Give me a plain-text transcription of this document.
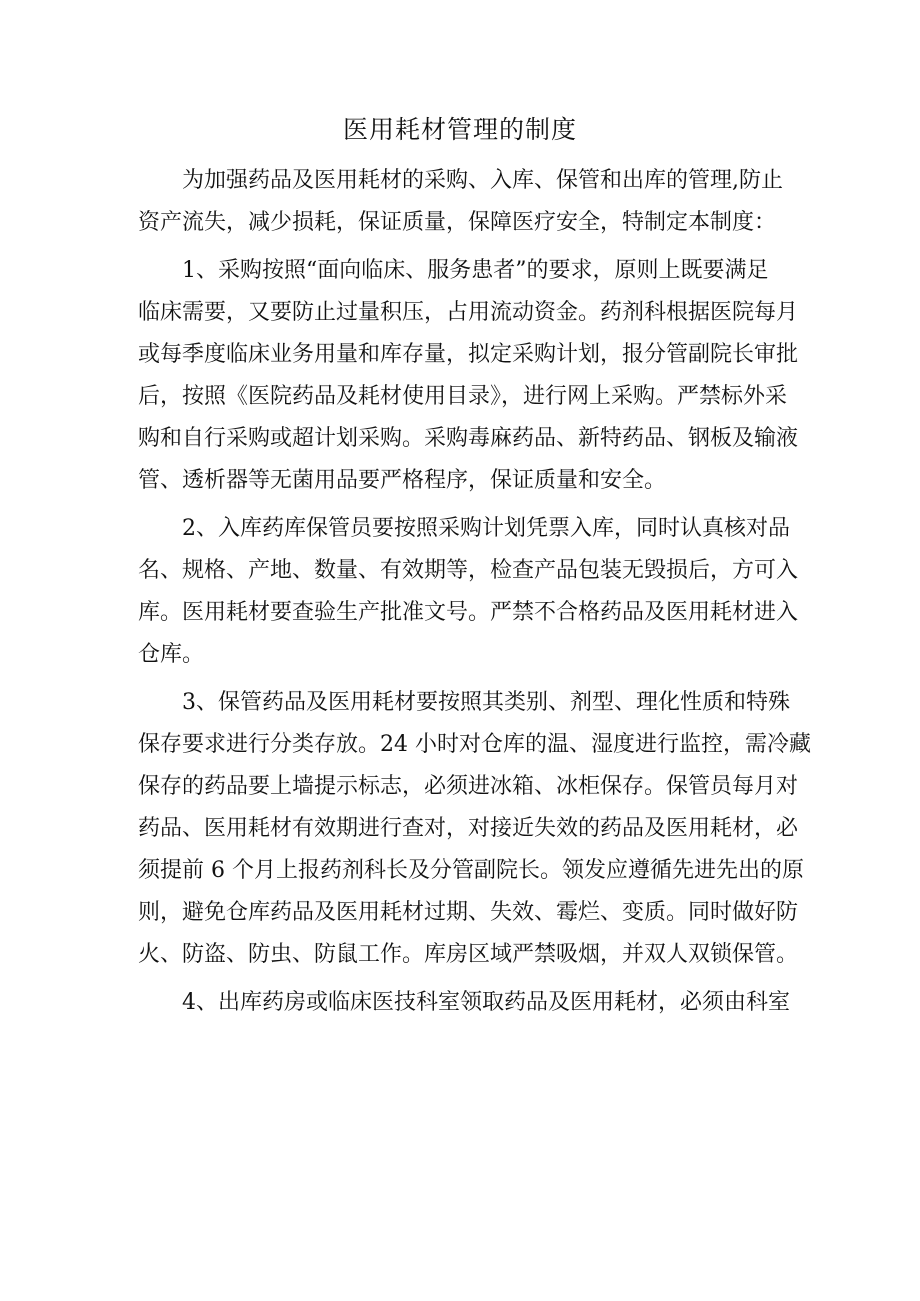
医用耗材管理的制度
为加强药品及医用耗材的采购、入库、保管和出库的管理,防止
资产流失，减少损耗，保证质量，保障医疗安全，特制定本制度：
1、采购按照“面向临床、服务患者”的要求，原则上既要满足
临床需要，又要防止过量积压，占用流动资金。药剂科根据医院每月
或每季度临床业务用量和库存量，拟定采购计划，报分管副院长审批
后，按照《医院药品及耗材使用目录》，进行网上采购。严禁标外采
购和自行采购或超计划采购。采购毒麻药品、新特药品、钢板及输液
管、透析器等无菌用品要严格程序，保证质量和安全。
2、入库药库保管员要按照采购计划凭票入库，同时认真核对品
名、规格、产地、数量、有效期等，检查产品包装无毁损后，方可入
库。医用耗材要查验生产批准文号。严禁不合格药品及医用耗材进入
仓库。
3、保管药品及医用耗材要按照其类别、剂型、理化性质和特殊
保存要求进行分类存放。24 小时对仓库的温、湿度进行监控，需冷藏
保存的药品要上墙提示标志，必须进冰箱、冰柜保存。保管员每月对
药品、医用耗材有效期进行查对，对接近失效的药品及医用耗材，必
须提前 6 个月上报药剂科长及分管副院长。领发应遵循先进先出的原
则，避免仓库药品及医用耗材过期、失效、霉烂、变质。同时做好防
火、防盗、防虫、防鼠工作。库房区域严禁吸烟，并双人双锁保管。
4、出库药房或临床医技科室领取药品及医用耗材，必须由科室
